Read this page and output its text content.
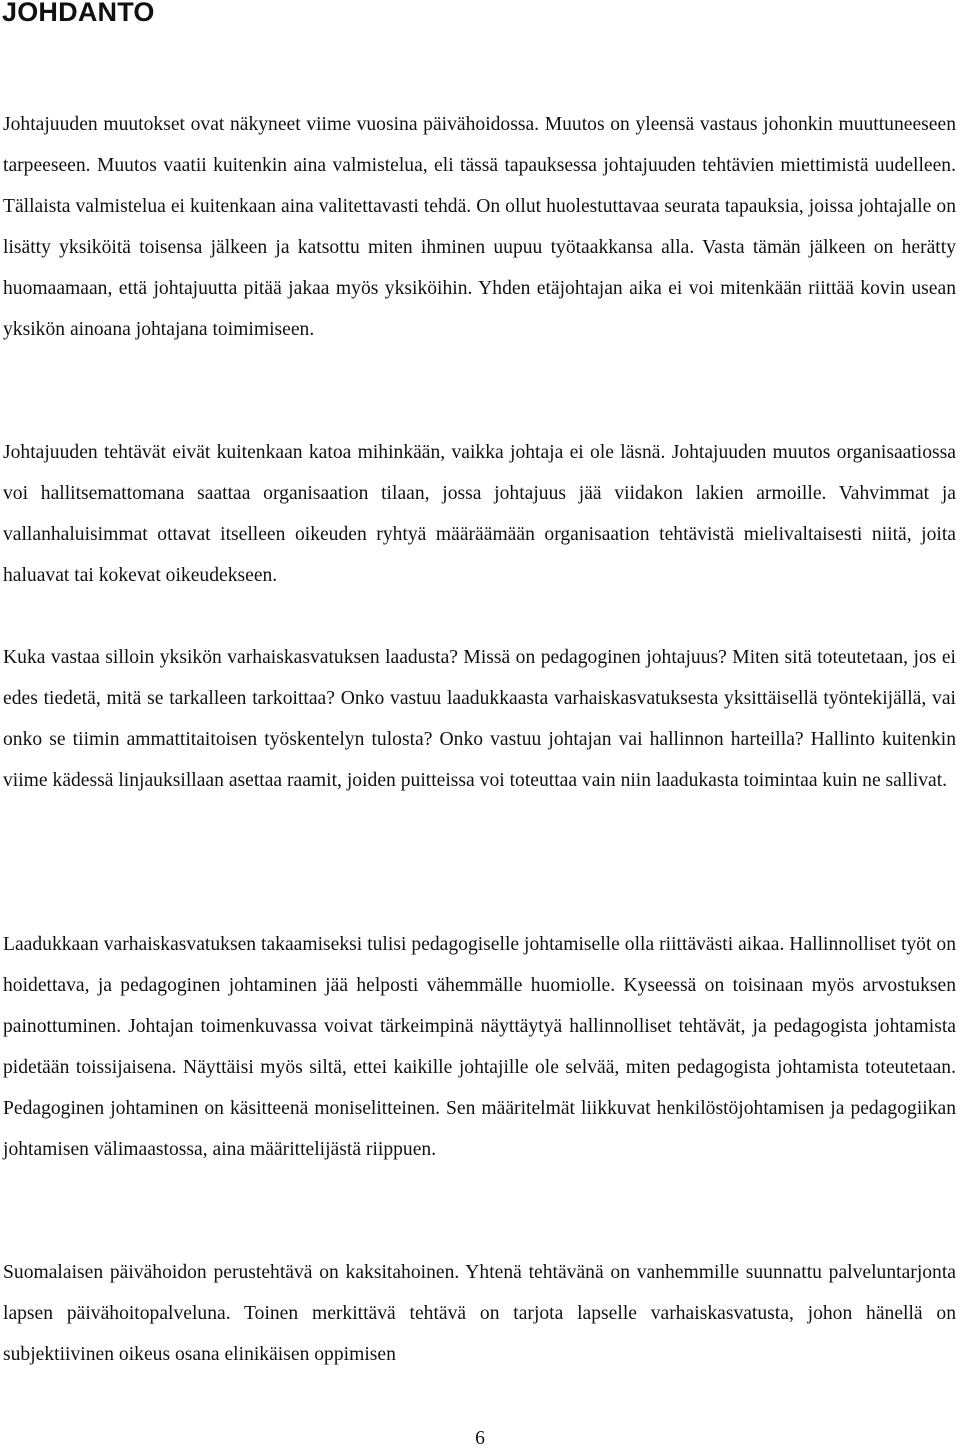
JOHDANTO

Johtajuuden muutokset ovat näkyneet viime vuosina päivähoidossa. Muutos on yleensä vastaus johonkin muuttuneeseen tarpeeseen. Muutos vaatii kuitenkin aina valmistelua, eli tässä tapauksessa johtajuuden tehtävien miettimistä uudelleen. Tällaista valmistelua ei kuitenkaan aina valitettavasti tehdä. On ollut huolestuttavaa seurata tapauksia, joissa johtajalle on lisätty yksiköitä toisensa jälkeen ja katsottu miten ihminen uupuu työtaakkansa alla. Vasta tämän jälkeen on herätty huomaamaan, että johtajuutta pitää jakaa myös yksiköihin. Yhden etäjohtajan aika ei voi mitenkään riittää kovin usean yksikön ainoana johtajana toimimiseen.

Johtajuuden tehtävät eivät kuitenkaan katoa mihinkään, vaikka johtaja ei ole läsnä. Johtajuuden muutos organisaatiossa voi hallitsemattomana saattaa organisaation tilaan, jossa johtajuus jää viidakon lakien armoille. Vahvimmat ja vallanhaluisimmat ottavat itselleen oikeuden ryhtyä määräämään organisaation tehtävistä mielivaltaisesti niitä, joita haluavat tai kokevat oikeudekseen.

Kuka vastaa silloin yksikön varhaiskasvatuksen laadusta? Missä on pedagoginen johtajuus? Miten sitä toteutetaan, jos ei edes tiedetä, mitä se tarkalleen tarkoittaa? Onko vastuu laadukkaasta varhaiskasvatuksesta yksittäisellä työntekijällä, vai onko se tiimin ammattitaitoisen työskentelyn tulosta? Onko vastuu johtajan vai hallinnon harteilla? Hallinto kuitenkin viime kädessä linjauksillaan asettaa raamit, joiden puitteissa voi toteuttaa vain niin laadukasta toimintaa kuin ne sallivat.

Laadukkaan varhaiskasvatuksen takaamiseksi tulisi pedagogiselle johtamiselle olla riittävästi aikaa. Hallinnolliset työt on hoidettava, ja pedagoginen johtaminen jää helposti vähemmälle huomiolle. Kyseessä on toisinaan myös arvostuksen painottuminen. Johtajan toimenkuvassa voivat tärkeimpinä näyttäytyä hallinnolliset tehtävät, ja pedagogista johtamista pidetään toissijaisena. Näyttäisi myös siltä, ettei kaikille johtajille ole selvää, miten pedagogista johtamista toteutetaan. Pedagoginen johtaminen on käsitteenä moniselitteinen. Sen määritelmät liikkuvat henkilöstöjohtamisen ja pedagogiikan johtamisen välimaastossa, aina määrittelijästä riippuen.

Suomalaisen päivähoidon perustehtävä on kaksitahoinen. Yhtenä tehtävänä on vanhemmille suunnattu palveluntarjonta lapsen päivähoitopalveluna. Toinen merkittävä tehtävä on tarjota lapselle varhaiskasvatusta, johon hänellä on subjektiivinen oikeus osana elinikäisen oppimisen

6
